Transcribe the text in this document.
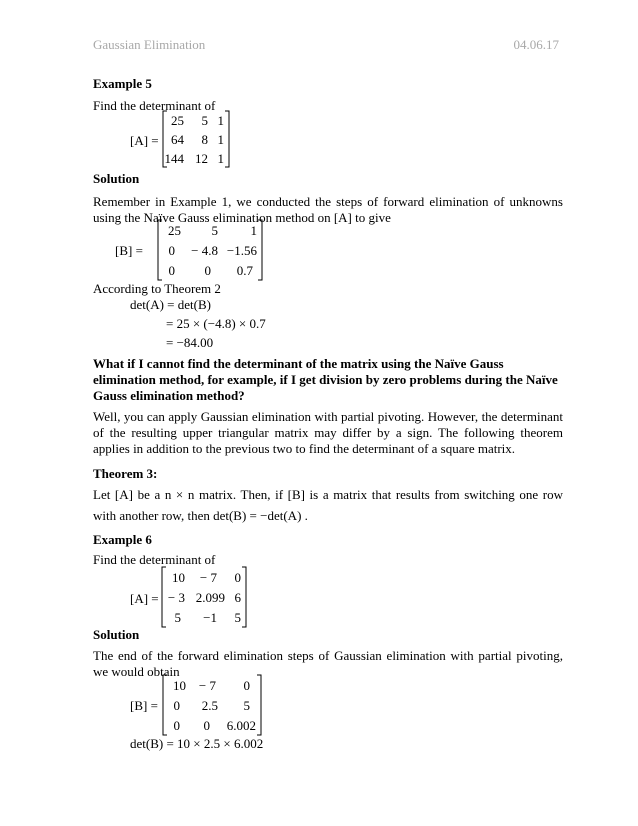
Gaussian Elimination	04.06.17
Example 5
Find the determinant of
[A] =
25 5 1
64 8 1
144 12 1
Solution
Remember in Example 1, we conducted the steps of forward elimination of unknowns using the Naïve Gauss elimination method on [A] to give
[B] =
25 5	1
0 − 4.8 −1.56
0 0 0.7
According to Theorem 2
det(A) = det(B)
= 25 × (−4.8) × 0.7
= −84.00
What if I cannot find the determinant of the matrix using the Naïve Gauss elimination method, for example, if I get division by zero problems during the Naïve Gauss elimination method?
Well, you can apply Gaussian elimination with partial pivoting. However, the determinant of the resulting upper triangular matrix may differ by a sign. The following theorem applies in addition to the previous two to find the determinant of a square matrix.
Theorem 3:
Let [A] be a n × n matrix. Then, if [B] is a matrix that results from switching one row with another row, then det(B) = −det(A) .
Example 6
Find the determinant of
[A] =
10 − 7 0
− 3 2.099 6
5 −1 5
Solution
The end of the forward elimination steps of Gaussian elimination with partial pivoting, we would obtain
[B] =
10 − 7 0
0 2.5 5
0 0 6.002
det(B) = 10 × 2.5 × 6.002
